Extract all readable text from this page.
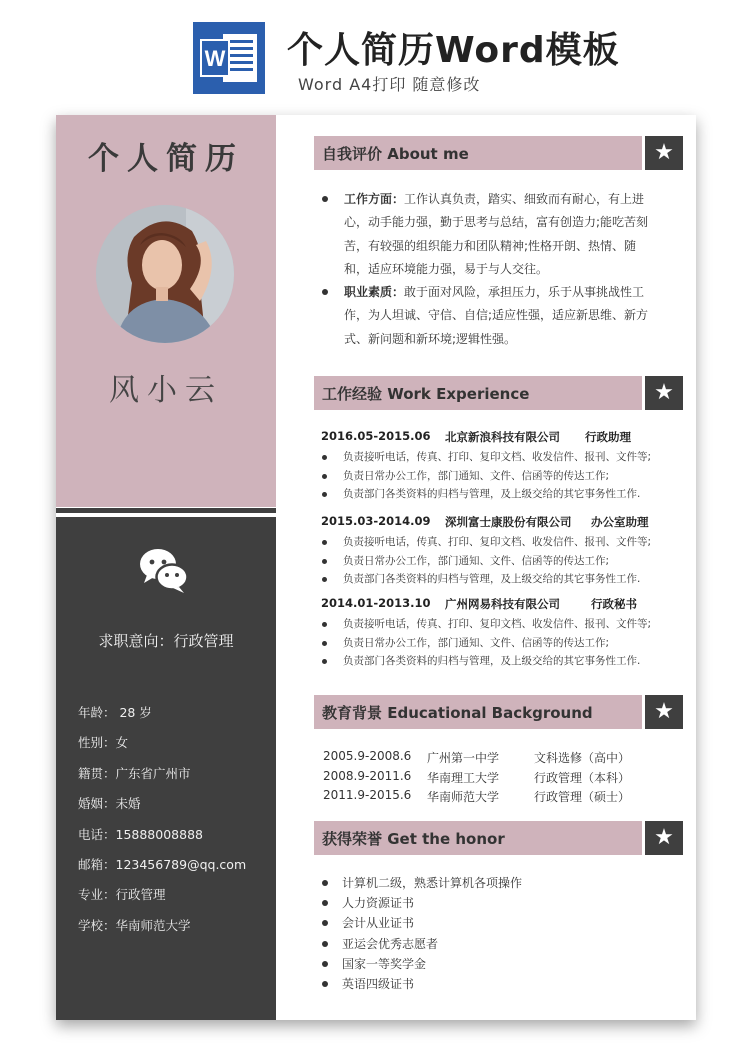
W 个人简历Word模板
Word A4打印 随意修改
个人简历
风小云
求职意向：行政管理
年龄： 28 岁
性别：女
籍贯：广东省广州市
婚姻：未婚
电话：15888008888
邮箱：123456789@qq.com
专业：行政管理
学校：华南师范大学
自我评价 About me	★
工作方面：工作认真负责，踏实、细致而有耐心，有上进心，动手能力强，勤于思考与总结，富有创造力;能吃苦刻苦，有较强的组织能力和团队精神;性格开朗、热情、随和，适应环境能力强，易于与人交往。
职业素质：敢于面对风险，承担压力，乐于从事挑战性工作，为人坦诚、守信、自信;适应性强，适应新思维、新方式、新问题和新环境;逻辑性强。
工作经验 Work Experience	★
2016.05-2015.06 北京新浪科技有限公司 行政助理
负责接听电话，传真、打印、复印文档、收发信件、报刊、文件等;
负责日常办公工作，部门通知、文件、信函等的传达工作;
负责部门各类资料的归档与管理，及上级交给的其它事务性工作.
2015.03-2014.09 深圳富士康股份有限公司 办公室助理
负责接听电话，传真、打印、复印文档、收发信件、报刊、文件等;
负责日常办公工作，部门通知、文件、信函等的传达工作;
负责部门各类资料的归档与管理，及上级交给的其它事务性工作.
2014.01-2013.10 广州网易科技有限公司	行政秘书
负责接听电话，传真、打印、复印文档、收发信件、报刊、文件等;
负责日常办公工作，部门通知、文件、信函等的传达工作;
负责部门各类资料的归档与管理，及上级交给的其它事务性工作.
教育背景 Educational Background	★
2005.9-2008.6 广州第一中学	文科选修（高中）
2008.9-2011.6 华南理工大学	行政管理（本科）
2011.9-2015.6 华南师范大学	行政管理（硕士）
获得荣誉 Get the honor	★
计算机二级，熟悉计算机各项操作
人力资源证书
会计从业证书
亚运会优秀志愿者
国家一等奖学金
英语四级证书
